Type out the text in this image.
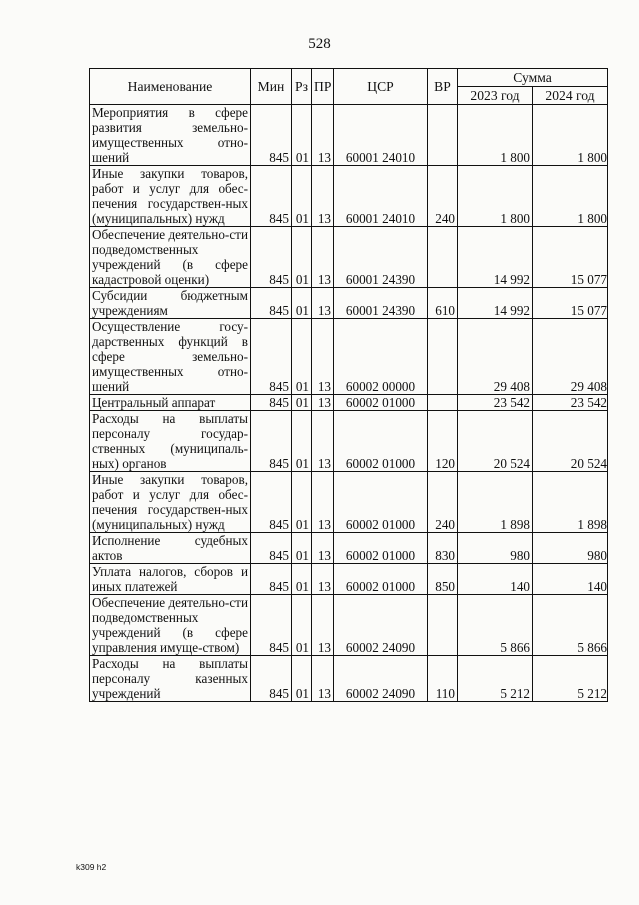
528
Наименование	Мин	Рз	ПР	ЦСР	ВР	Сумма	
						2023 год	2024 год
Мероприятия в сфере развития земельно-имущественных отно-шений	845	01	13	60001 24010		1 800	1 800
Иные закупки товаров, работ и услуг для обес-печения государствен-ных (муниципальных) нужд	845	01	13	60001 24010	240	1 800	1 800
Обеспечение деятельно-сти подведомственных учреждений (в сфере кадастровой оценки)	845	01	13	60001 24390		14 992	15 077
Субсидии бюджетным учреждениям	845	01	13	60001 24390	610	14 992	15 077
Осуществление госу-дарственных функций в сфере земельно-имущественных отно-шений	845	01	13	60002 00000		29 408	29 408
Центральный аппарат	845	01	13	60002 01000		23 542	23 542
Расходы на выплаты персоналу государ-ственных (муниципаль-ных) органов	845	01	13	60002 01000	120	20 524	20 524
Иные закупки товаров, работ и услуг для обес-печения государствен-ных (муниципальных) нужд	845	01	13	60002 01000	240	1 898	1 898
Исполнение судебных актов	845	01	13	60002 01000	830	980	980
Уплата налогов, сборов и иных платежей	845	01	13	60002 01000	850	140	140
Обеспечение деятельно-сти подведомственных учреждений (в сфере управления имуще-ством)	845	01	13	60002 24090		5 866	5 866
Расходы на выплаты персоналу казенных учреждений	845	01	13	60002 24090	110	5 212	5 212
k309 h2
